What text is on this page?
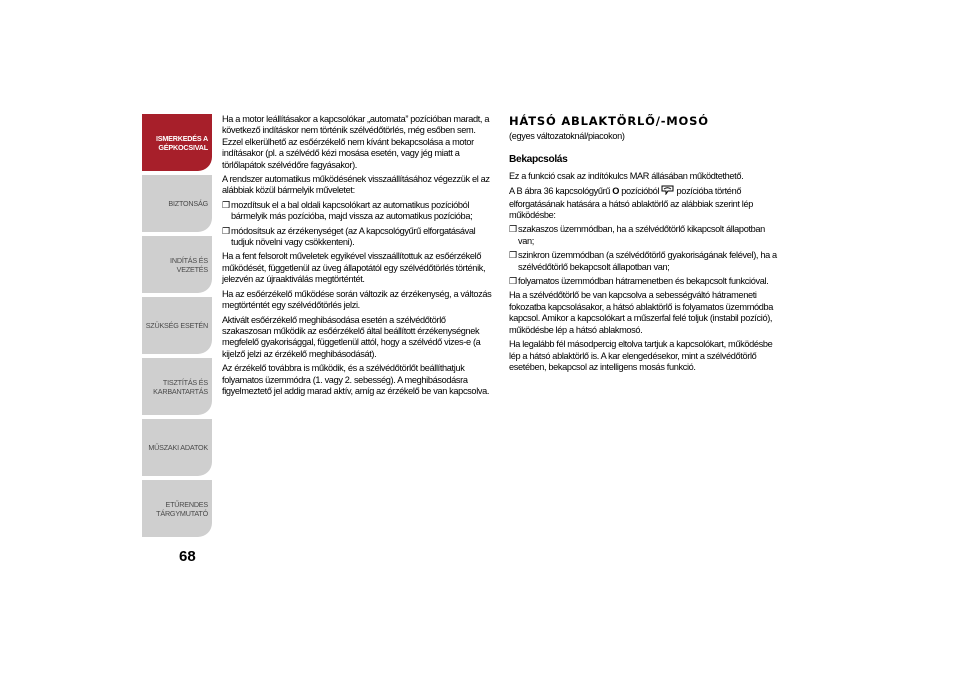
ISMERKEDÉS A
GÉPKOCSIVAL
BIZTONSÁG
INDÍTÁS ÉS VEZETÉS
SZÜKSÉG ESETÉN
TISZTÍTÁS ÉS
KARBANTARTÁS
MŰSZAKI ADATOK
ETŰRENDES
TÁRGYMUTATÓ
68

Ha a motor leállításakor a kapcsolókar „automata” pozícióban maradt, a következő indításkor nem történik szélvédőtörlés, még esőben sem. Ezzel elkerülhető az esőérzékelő nem kívánt bekapcsolása a motor indításakor (pl. a szélvédő kézi mosása esetén, vagy jég miatt a törlőlapátok szélvédőre fagyásakor).

A rendszer automatikus működésének visszaállításához végezzük el az alábbiak közül bármelyik műveletet:

❒ mozdítsuk el a bal oldali kapcsolókart az automatikus pozícióból bármelyik más pozícióba, majd vissza az automatikus pozícióba;
❒ módosítsuk az érzékenységet (az A kapcsológyűrű elforgatásával tudjuk növelni vagy csökkenteni).

Ha a fent felsorolt műveletek egyikével visszaállítottuk az esőérzékelő működését, függetlenül az üveg állapotától egy szélvédőtörlés történik, jelezvén az újraaktiválás megtörténtét.

Ha az esőérzékelő működése során változik az érzékenység, a változás megtörténtét egy szélvédőtörlés jelzi.

Aktivált esőérzékelő meghibásodása esetén a szélvédőtörlő szakaszosan működik az esőérzékelő által beállított érzékenységnek megfelelő gyakorisággal, függetlenül attól, hogy a szélvédő vizes-e (a kijelző jelzi az érzékelő meghibásodását).

Az érzékelő továbbra is működik, és a szélvédőtörlőt beállíthatjuk folyamatos üzemmódra (1. vagy 2. sebesség). A meghibásodásra figyelmeztető jel addig marad aktív, amíg az érzékelő be van kapcsolva.

HÁTSÓ ABLAKTÖRLŐ/-MOSÓ

(egyes változatoknál/piacokon)

Bekapcsolás

Ez a funkció csak az indítókulcs MAR állásában működtethető.

A B ábra 36 kapcsológyűrű O pozícióból  pozícióba történő elforgatásának hatására a hátsó ablaktörlő az alábbiak szerint lép működésbe:

❒ szakaszos üzemmódban, ha a szélvédőtörlő kikapcsolt állapotban van;
❒ szinkron üzemmódban (a szélvédőtörlő gyakoriságának felével), ha a szélvédőtörlő bekapcsolt állapotban van;
❒ folyamatos üzemmódban hátramenetben és bekapcsolt funkcióval.

Ha a szélvédőtörlő be van kapcsolva a sebességváltó hátrameneti fokozatba kapcsolásakor, a hátsó ablaktörlő is folyamatos üzemmódba kapcsol. Amikor a kapcsolókart a műszerfal felé toljuk (instabil pozíció), működésbe lép a hátsó ablakmosó.

Ha legalább fél másodpercig eltolva tartjuk a kapcsolókart, működésbe lép a hátsó ablaktörlő is. A kar elengedésekor, mint a szélvédőtörlő esetében, bekapcsol az intelligens mosás funkció.
